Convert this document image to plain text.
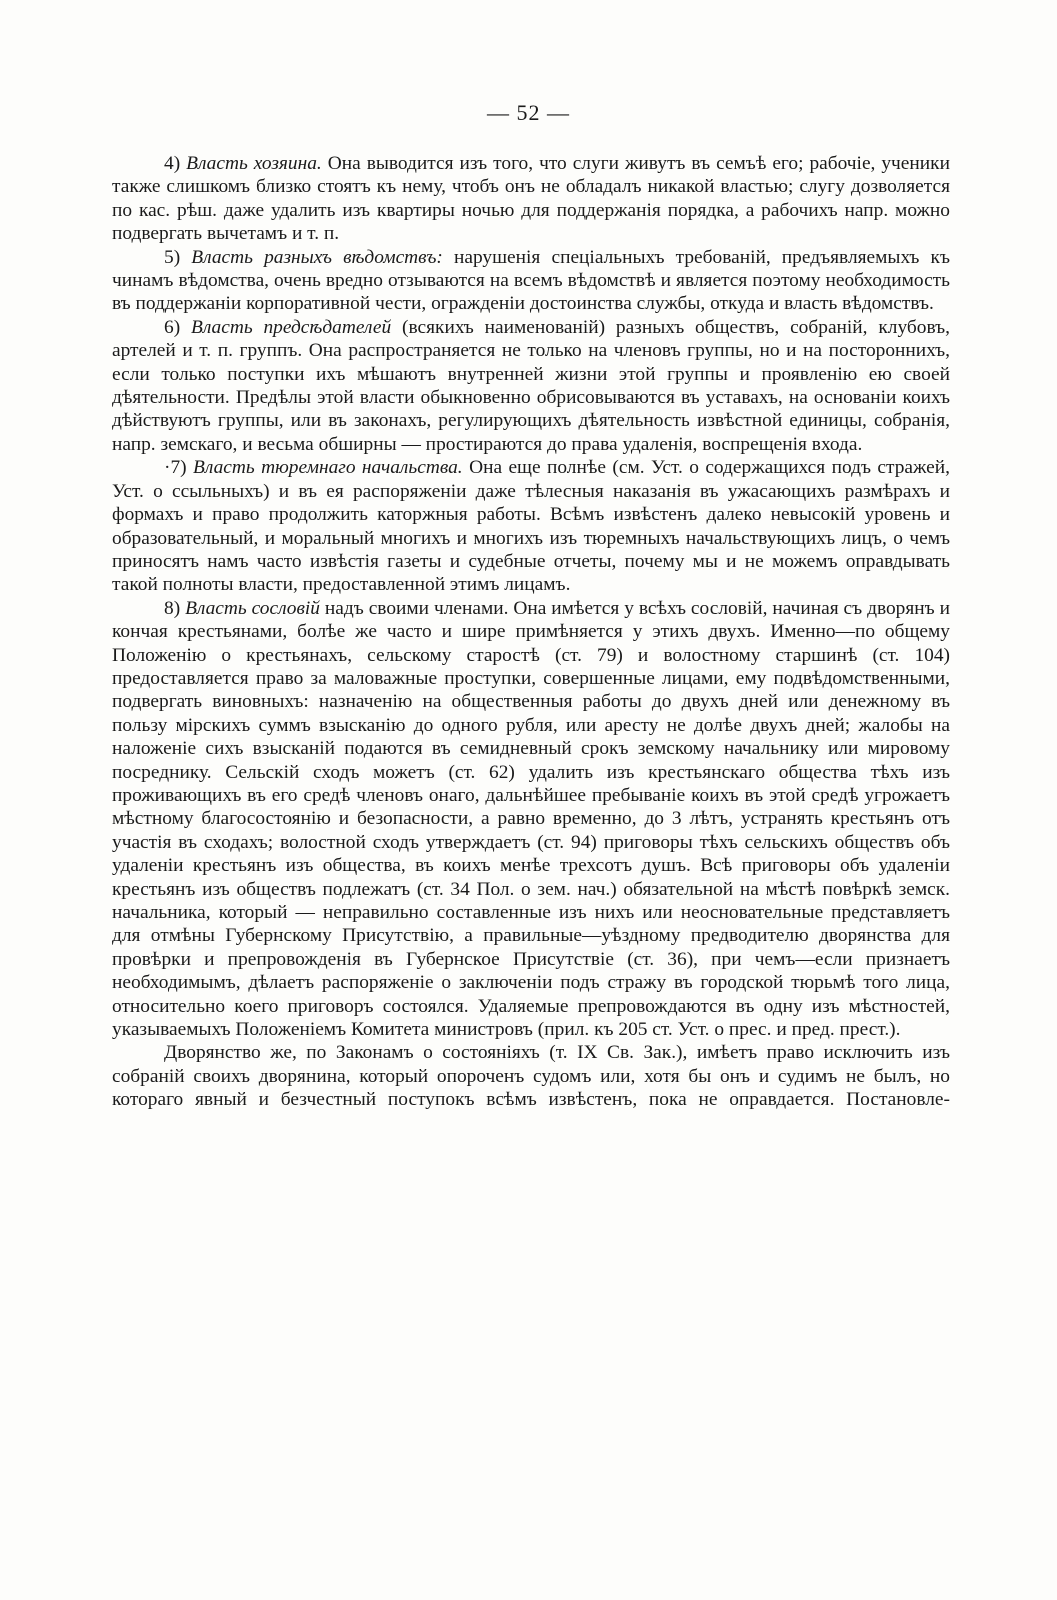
— 52 —

4) Власть хозяина. Она выводится изъ того, что слуги живутъ въ семъѣ его; рабочіе, ученики также слишкомъ близко стоятъ къ нему, чтобъ онъ не обладалъ никакой властью; слугу дозволяется по кас. рѣш. даже удалить изъ квартиры ночью для поддержанія порядка, а рабочихъ напр. можно подвергать вычетамъ и т. п.

5) Власть разныхъ вѣдомствъ: нарушенія спеціальныхъ требованій, предъявляемыхъ къ чинамъ вѣдомства, очень вредно отзываются на всемъ вѣдомствѣ и является поэтому необходимость въ поддержаніи корпоративной чести, огражденіи достоинства службы, откуда и власть вѣдомствъ.

6) Власть предсѣдателей (всякихъ наименованій) разныхъ обществъ, собраній, клубовъ, артелей и т. п. группъ. Она распространяется не только на членовъ группы, но и на постороннихъ, если только поступки ихъ мѣшаютъ внутренней жизни этой группы и проявленію ею своей дѣятельности. Предѣлы этой власти обыкновенно обрисовываются въ уставахъ, на основаніи коихъ дѣйствуютъ группы, или въ законахъ, регулирующихъ дѣятельность извѣстной единицы, собранія, напр. земскаго, и весьма обширны — простираются до права удаленія, воспрещенія входа.

·7) Власть тюремнаго начальства. Она еще полнѣе (см. Уст. о содержащихся подъ стражей, Уст. о ссыльныхъ) и въ ея распоряженіи даже тѣлесныя наказанія въ ужасающихъ размѣрахъ и формахъ и право продолжить каторжныя работы. Всѣмъ извѣстенъ далеко невысокій уровень и образовательный, и моральный многихъ и многихъ изъ тюремныхъ начальствующихъ лицъ, о чемъ приносятъ намъ часто извѣстія газеты и судебные отчеты, почему мы и не можемъ оправдывать такой полноты власти, предоставленной этимъ лицамъ.

8) Власть сословій надъ своими членами. Она имѣется у всѣхъ сословій, начиная съ дворянъ и кончая крестьянами, болѣе же часто и шире примѣняется у этихъ двухъ. Именно—по общему Положенію о крестьянахъ, сельскому старостѣ (ст. 79) и волостному старшинѣ (ст. 104) предоставляется право за маловажные проступки, совершенные лицами, ему подвѣдомственными, подвергать виновныхъ: назначенію на общественныя работы до двухъ дней или денежному въ пользу мірскихъ суммъ взысканію до одного рубля, или аресту не долѣе двухъ дней; жалобы на наложеніе сихъ взысканій подаются въ семидневный срокъ земскому начальнику или мировому посреднику. Сельскій сходъ можетъ (ст. 62) удалить изъ крестьянскаго общества тѣхъ изъ проживающихъ въ его средѣ членовъ онаго, дальнѣйшее пребываніе коихъ въ этой средѣ угрожаетъ мѣстному благосостоянію и безопасности, а равно временно, до 3 лѣтъ, устранять крестьянъ отъ участія въ сходахъ; волостной сходъ утверждаетъ (ст. 94) приговоры тѣхъ сельскихъ обществъ объ удаленіи крестьянъ изъ общества, въ коихъ менѣе трехсотъ душъ. Всѣ приговоры объ удаленіи крестьянъ изъ обществъ подлежатъ (ст. 34 Пол. о зем. нач.) обязательной на мѣстѣ повѣркѣ земск. начальника, который — неправильно составленные изъ нихъ или неосновательные представляетъ для отмѣны Губернскому Присутствію, а правильные—уѣздному предводителю дворянства для провѣрки и препровожденія въ Губернское Присутствіе (ст. 36), при чемъ—если признаетъ необходимымъ, дѣлаетъ распоряженіе о заключеніи подъ стражу въ городской тюрьмѣ того лица, относительно коего приговоръ состоялся. Удаляемые препровождаются въ одну изъ мѣстностей, указываемыхъ Положеніемъ Комитета министровъ (прил. къ 205 ст. Уст. о прес. и пред. прест.).

Дворянство же, по Законамъ о состояніяхъ (т. IX Св. Зак.), имѣетъ право исключить изъ собраній своихъ дворянина, который опороченъ судомъ или, хотя бы онъ и судимъ не былъ, но котораго явный и безчестный поступокъ всѣмъ извѣстенъ, пока не оправдается. Постановле-
